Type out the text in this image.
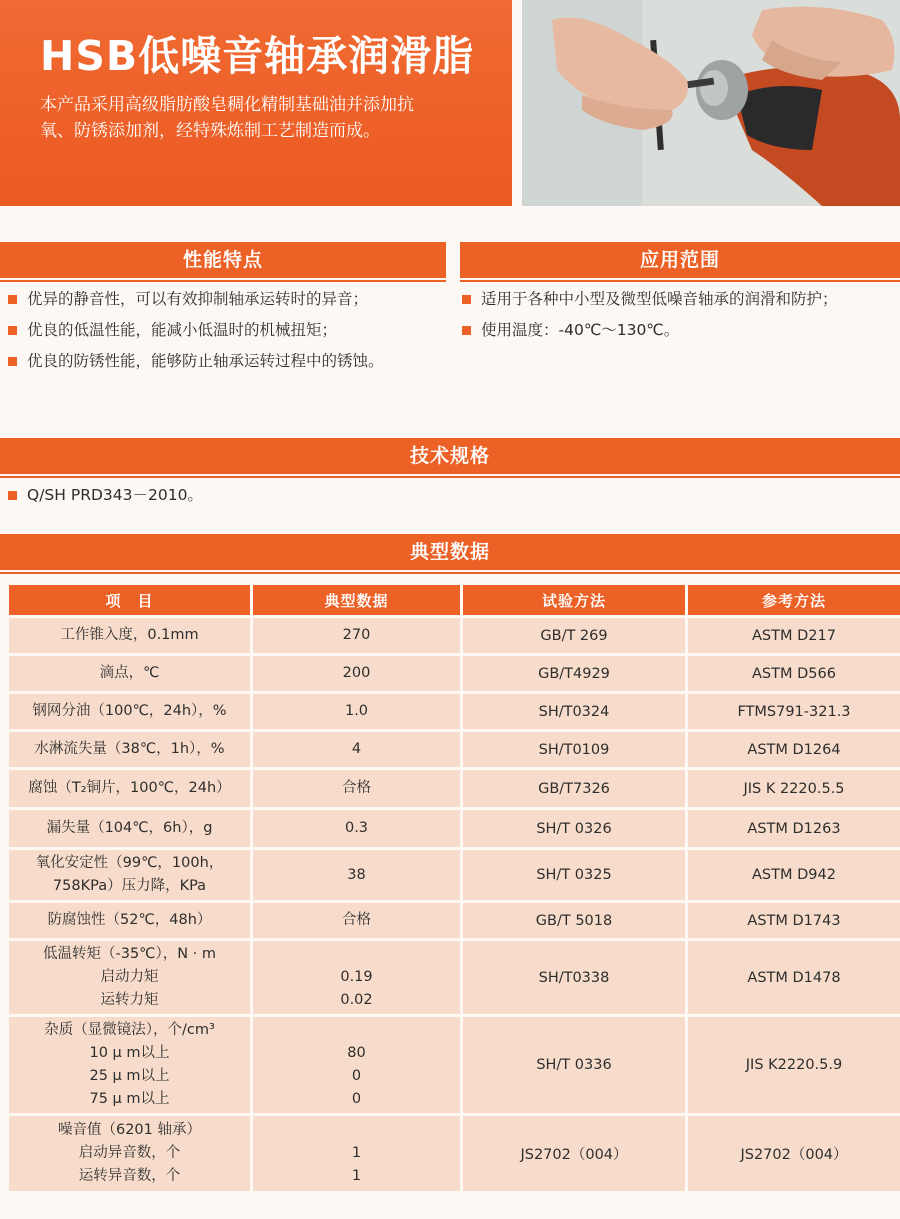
HSB低噪音轴承润滑脂
本产品采用高级脂肪酸皂稠化精制基础油并添加抗
氧、防锈添加剂，经特殊炼制工艺制造而成。
性能特点
优异的静音性，可以有效抑制轴承运转时的异音；
优良的低温性能，能减小低温时的机械扭矩；
优良的防锈性能，能够防止轴承运转过程中的锈蚀。
应用范围
适用于各种中小型及微型低噪音轴承的润滑和防护；
使用温度：-40℃～130℃。
技术规格
Q/SH PRD343－2010。
典型数据
项　目	典型数据	试验方法	参考方法

工作锥入度，0.1mm	270	GB/T 269	ASTM D217

滴点，℃	200	GB/T4929	ASTM D566

钢网分油（100℃，24h），%	1.0	SH/T0324	FTMS791-321.3

水淋流失量（38℃，1h），%	4	SH/T0109	ASTM D1264

腐蚀（T₂铜片，100℃，24h）	合格	GB/T7326	JIS K 2220.5.5

漏失量（104℃，6h），g	0.3	SH/T 0326	ASTM D1263

氧化安定性（99℃，100h，
758KPa）压力降，KPa	38	SH/T 0325	ASTM D942

防腐蚀性（52℃，48h）	合格	GB/T 5018	ASTM D1743

低温转矩（-35℃），N · m
启动力矩
运转力矩	0.19
0.02	SH/T0338	ASTM D1478

杂质（显微镜法），个/cm³
10 μ m以上
25 μ m以上
75 μ m以上	80
0
0	SH/T 0336	JIS K2220.5.9

噪音值（6201 轴承）
启动异音数，个
运转异音数，个	1
1	JS2702（004）	JS2702（004）
